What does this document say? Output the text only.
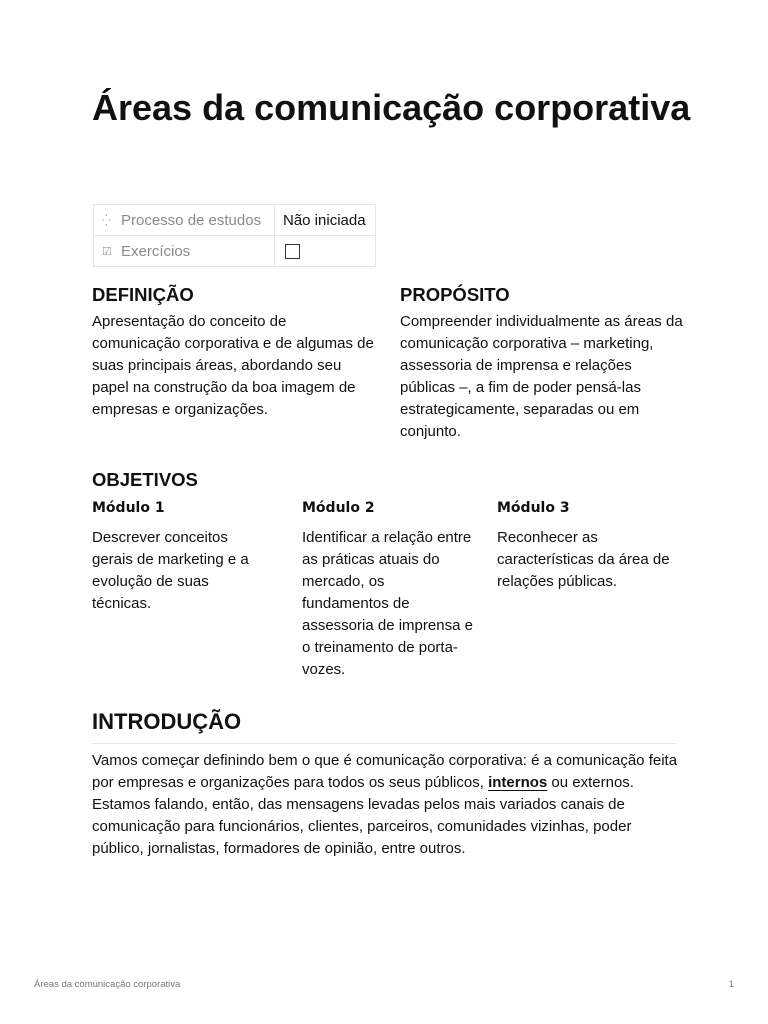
Áreas da comunicação corporativa
⁛ Processo de estudos	Não iniciada
☑ Exercícios	
DEFINIÇÃO

Apresentação do conceito de comunicação corporativa e de algumas de suas principais áreas, abordando seu papel na construção da boa imagem de empresas e organizações.

PROPÓSITO

Compreender individualmente as áreas da comunicação corporativa – marketing, assessoria de imprensa e relações públicas –, a fim de poder pensá-las estrategicamente, separadas ou em conjunto.

OBJETIVOS
Módulo 1

Descrever conceitos gerais de marketing e a evolução de suas técnicas.

Módulo 2

Identificar a relação entre as práticas atuais do mercado, os fundamentos de assessoria de imprensa e o treinamento de porta-vozes.

Módulo 3

Reconhecer as características da área de relações públicas.

INTRODUÇÃO

Vamos começar definindo bem o que é comunicação corporativa: é a comunicação feita por empresas e organizações para todos os seus públicos, internos ou externos. Estamos falando, então, das mensagens levadas pelos mais variados canais de comunicação para funcionários, clientes, parceiros, comunidades vizinhas, poder público, jornalistas, formadores de opinião, entre outros.

Áreas da comunicação corporativa	1
